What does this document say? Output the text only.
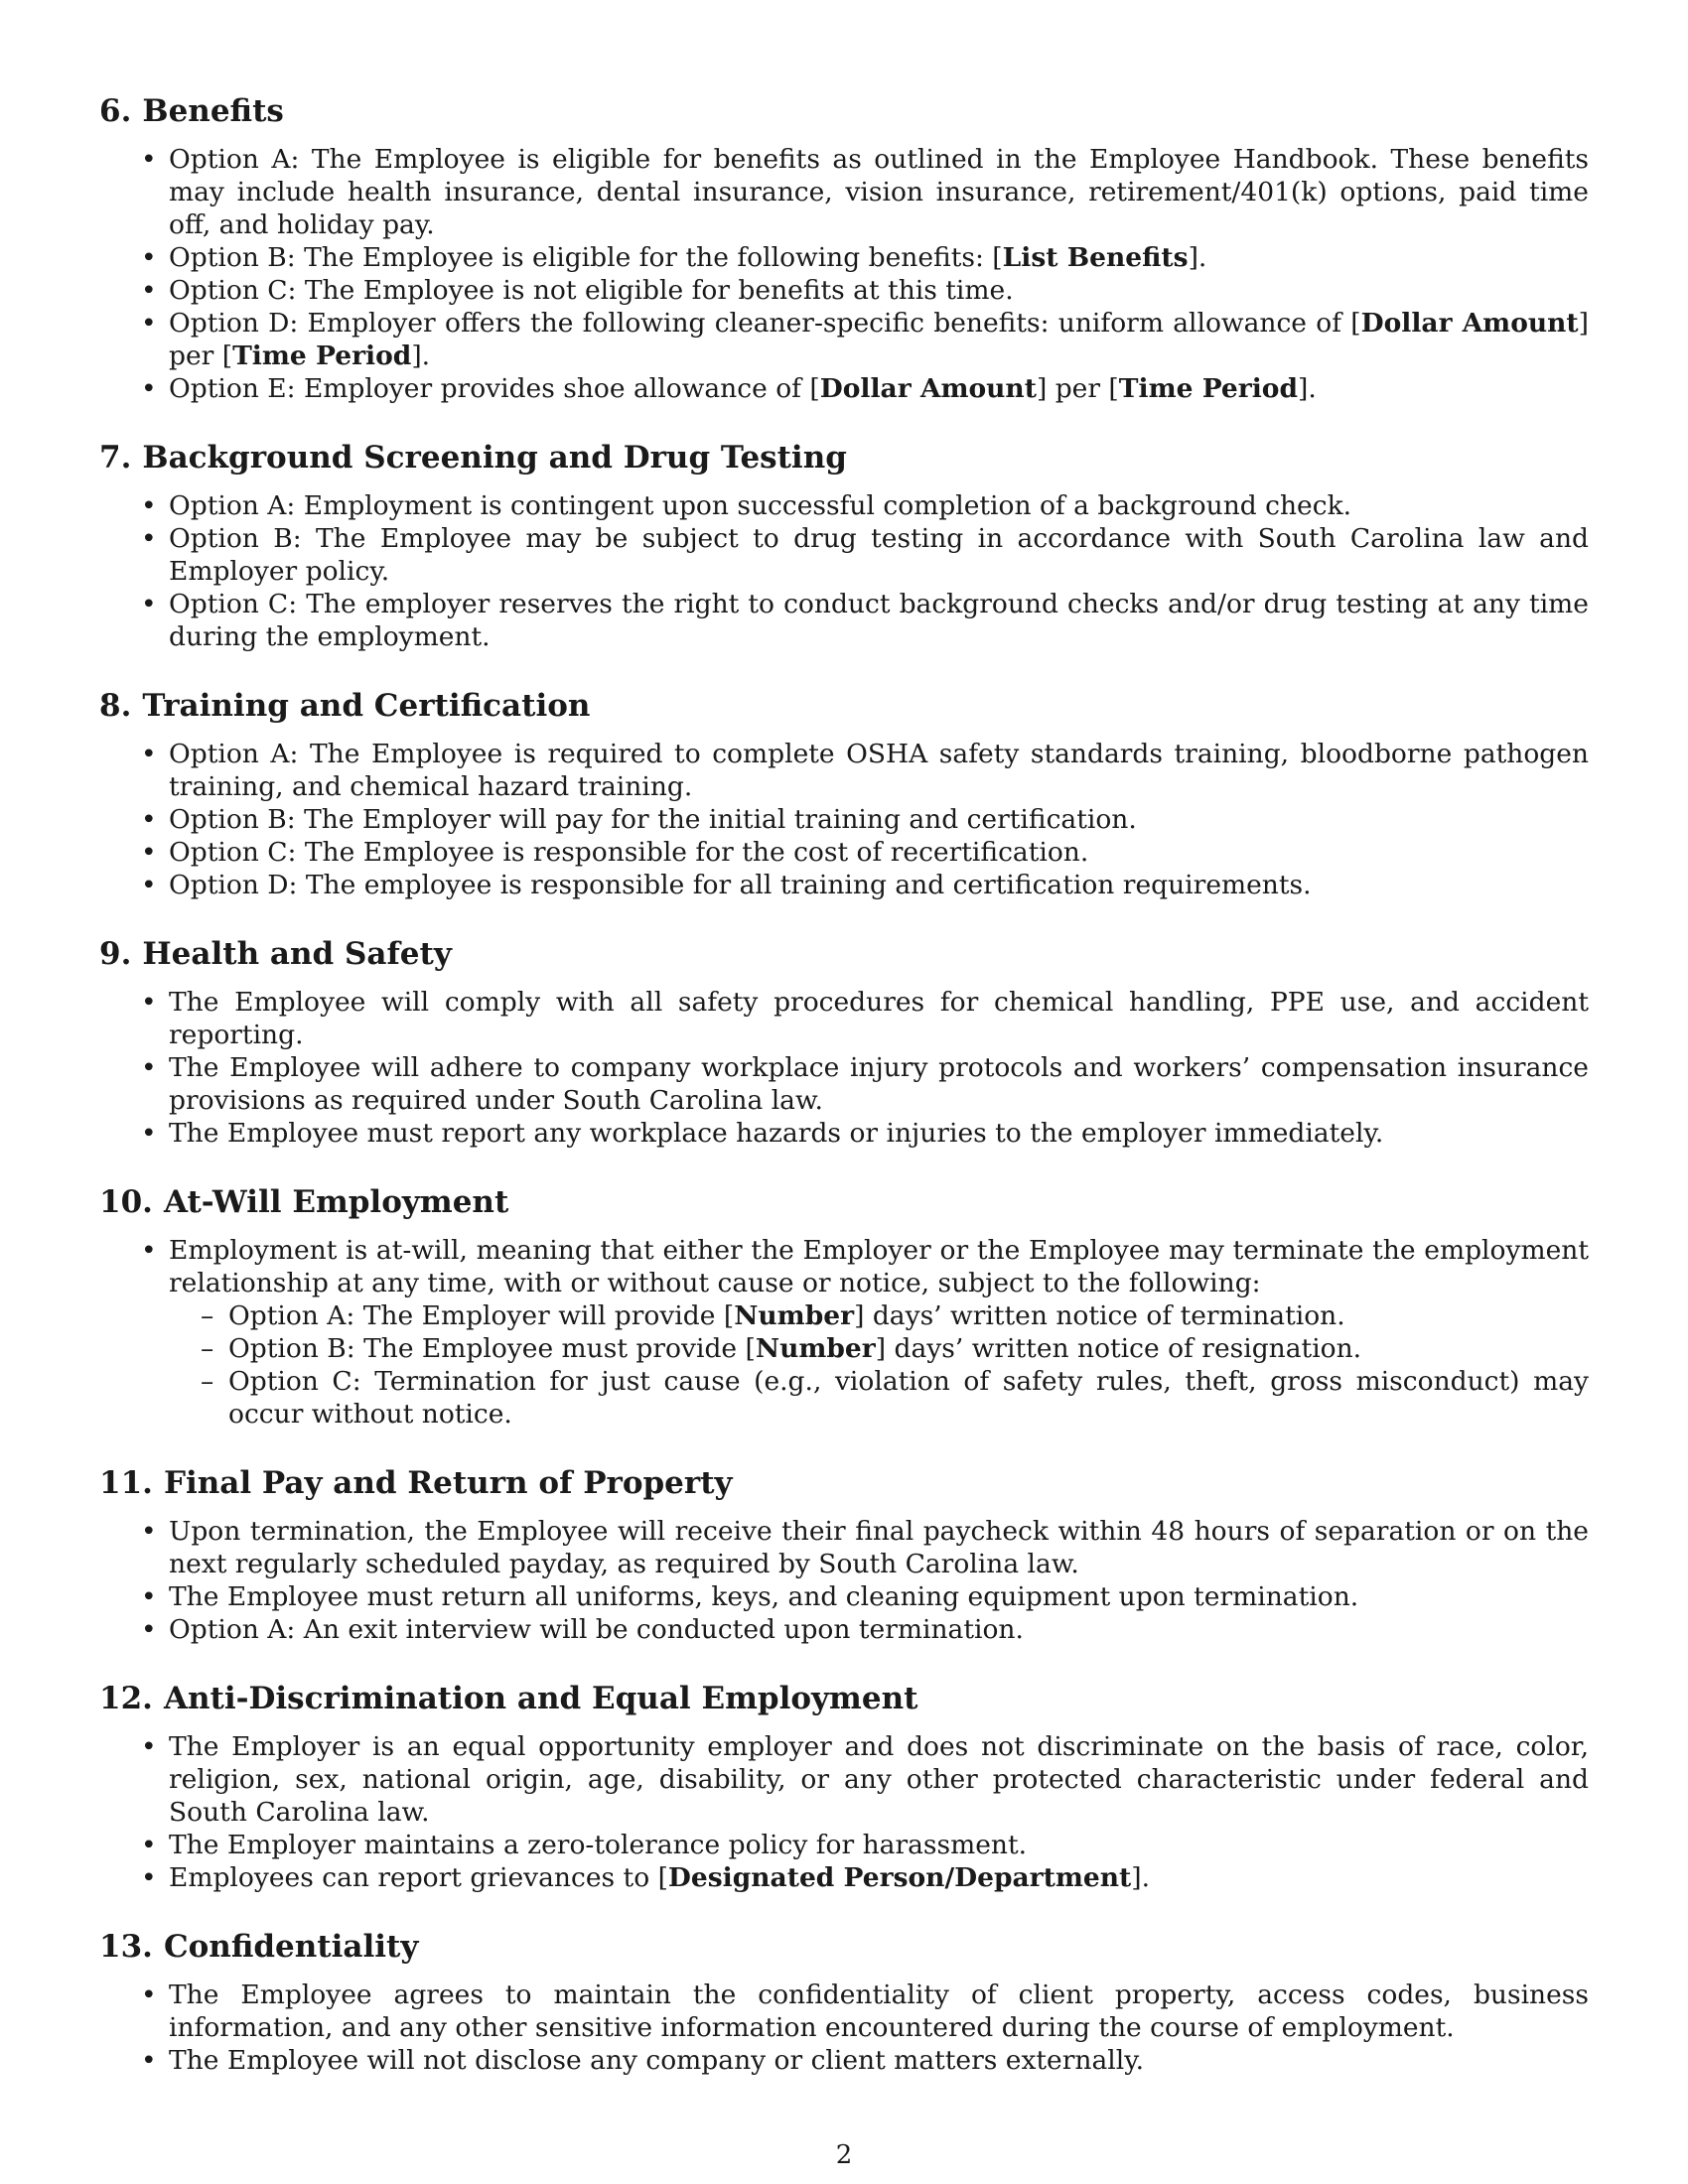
6. Benefits
• Option A: The Employee is eligible for benefits as outlined in the Employee Handbook. These benefits may include health insurance, dental insurance, vision insurance, retirement/401(k) options, paid time off, and holiday pay.
• Option B: The Employee is eligible for the following benefits: [List Benefits].
• Option C: The Employee is not eligible for benefits at this time.
• Option D: Employer offers the following cleaner-specific benefits: uniform allowance of [Dollar Amount] per [Time Period].
• Option E: Employer provides shoe allowance of [Dollar Amount] per [Time Period].
7. Background Screening and Drug Testing
• Option A: Employment is contingent upon successful completion of a background check.
• Option B: The Employee may be subject to drug testing in accordance with South Carolina law and Employer policy.
• Option C: The employer reserves the right to conduct background checks and/or drug testing at any time during the employment.
8. Training and Certification
• Option A: The Employee is required to complete OSHA safety standards training, bloodborne pathogen training, and chemical hazard training.
• Option B: The Employer will pay for the initial training and certification.
• Option C: The Employee is responsible for the cost of recertification.
• Option D: The employee is responsible for all training and certification requirements.
9. Health and Safety
• The Employee will comply with all safety procedures for chemical handling, PPE use, and accident reporting.
• The Employee will adhere to company workplace injury protocols and workers’ compensation insurance provisions as required under South Carolina law.
• The Employee must report any workplace hazards or injuries to the employer immediately.
10. At-Will Employment
• Employment is at-will, meaning that either the Employer or the Employee may terminate the employment relationship at any time, with or without cause or notice, subject to the following:
– Option A: The Employer will provide [Number] days’ written notice of termination.
– Option B: The Employee must provide [Number] days’ written notice of resignation.
– Option C: Termination for just cause (e.g., violation of safety rules, theft, gross misconduct) may occur without notice.
11. Final Pay and Return of Property
• Upon termination, the Employee will receive their final paycheck within 48 hours of separation or on the next regularly scheduled payday, as required by South Carolina law.
• The Employee must return all uniforms, keys, and cleaning equipment upon termination.
• Option A: An exit interview will be conducted upon termination.
12. Anti-Discrimination and Equal Employment
• The Employer is an equal opportunity employer and does not discriminate on the basis of race, color, religion, sex, national origin, age, disability, or any other protected characteristic under federal and South Carolina law.
• The Employer maintains a zero-tolerance policy for harassment.
• Employees can report grievances to [Designated Person/Department].
13. Confidentiality
• The Employee agrees to maintain the confidentiality of client property, access codes, business information, and any other sensitive information encountered during the course of employment.
• The Employee will not disclose any company or client matters externally.
2
